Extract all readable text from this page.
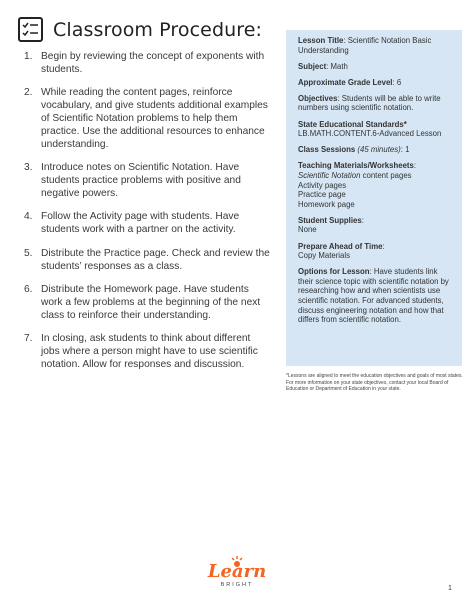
Classroom Procedure:
1. Begin by reviewing the concept of exponents with students.
2. While reading the content pages, reinforce vocabulary, and give students additional examples of Scientific Notation problems to help them practice. Use the additional resources to enhance understanding.
3. Introduce notes on Scientific Notation. Have students practice problems with positive and negative powers.
4. Follow the Activity page with students. Have students work with a partner on the activity.
5. Distribute the Practice page. Check and review the students’ responses as a class.
6. Distribute the Homework page. Have students work a few problems at the beginning of the next class to reinforce their understanding.
7. In closing, ask students to think about different jobs where a person might have to use scientific notation. Allow for responses and discussion.
Lesson Title: Scientific Notation Basic Understanding
Subject: Math
Approximate Grade Level: 6
Objectives: Students will be able to write numbers using scientific notation.
State Educational Standards*
LB.MATH.CONTENT.6-Advanced Lesson
Class Sessions (45 minutes): 1
Teaching Materials/Worksheets:
Scientific Notation content pages
Activity pages
Practice page
Homework page
Student Supplies:
None
Prepare Ahead of Time:
Copy Materials
Options for Lesson: Have students link their science topic with scientific notation by researching how and when scientists use scientific notation. For advanced students, discuss engineering notation and how that differs from scientific notation.
*Lessons are aligned to meet the education objectives and goals of most states. For more information on your state objectives, contact your local Board of Education or Department of Education in your state.
Learn
BRIGHT	1
